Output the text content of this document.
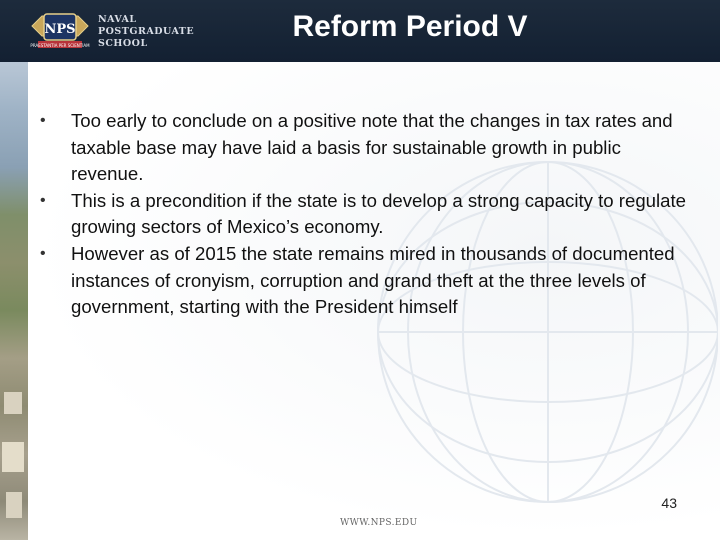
NPS
PRAESTANTIA PER SCIENTIAM
NAVAL
POSTGRADUATE
SCHOOL
Reform Period V
• Too early to conclude on a positive note that the changes in tax rates and taxable base may have laid a basis for sustainable growth in public revenue.
• This is a precondition if the state is to develop a strong capacity to regulate growing sectors of Mexico’s economy.
• However as of 2015 the state remains mired in thousands of documented instances of cronyism, corruption and grand theft at the three levels of government, starting with the President himself
43
WWW.NPS.EDU
